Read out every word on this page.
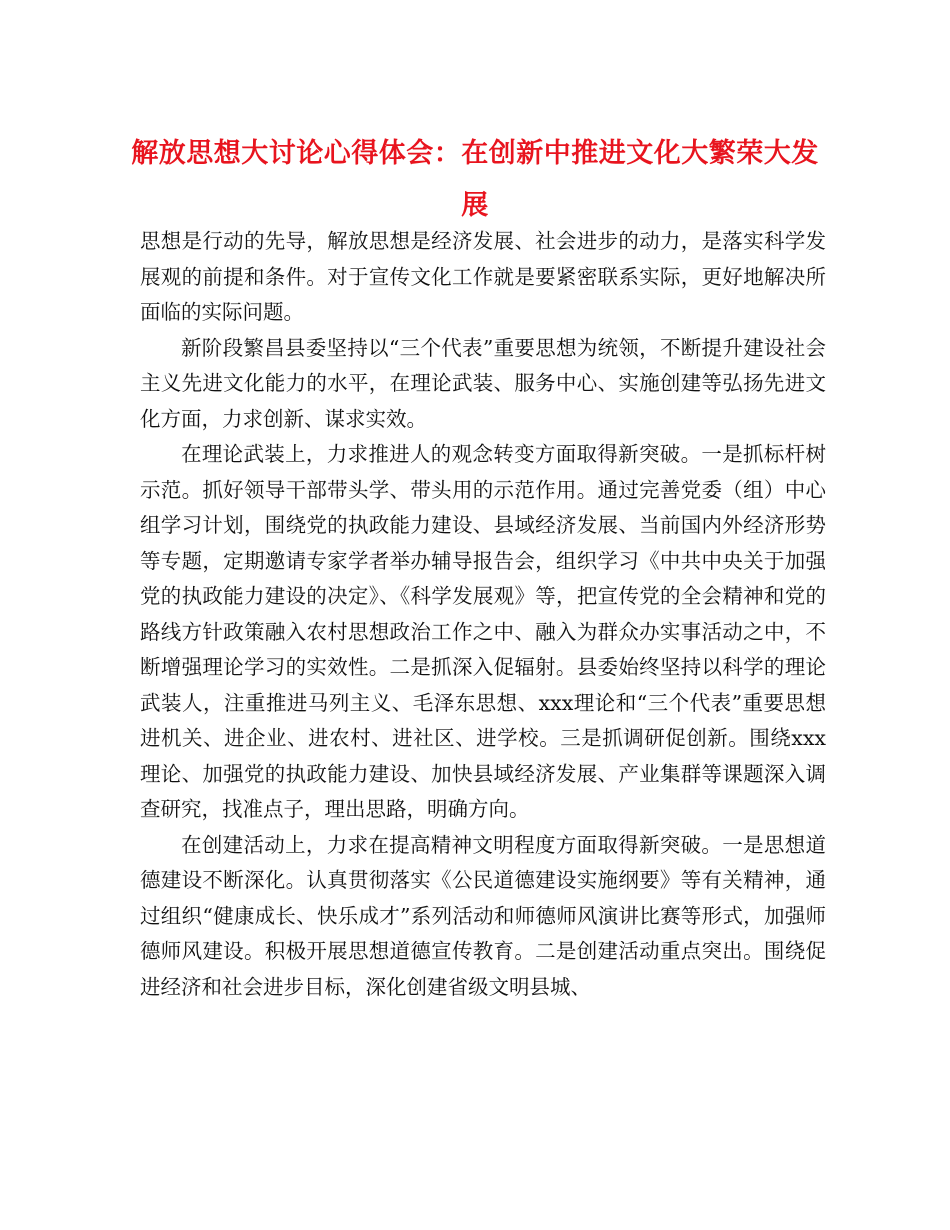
解放思想大讨论心得体会：在创新中推进文化大繁荣大发展

思想是行动的先导，解放思想是经济发展、社会进步的动力，是落实科学发展观的前提和条件。对于宣传文化工作就是要紧密联系实际，更好地解决所面临的实际问题。

新阶段繁昌县委坚持以“三个代表”重要思想为统领，不断提升建设社会主义先进文化能力的水平，在理论武装、服务中心、实施创建等弘扬先进文化方面，力求创新、谋求实效。

在理论武装上，力求推进人的观念转变方面取得新突破。一是抓标杆树示范。抓好领导干部带头学、带头用的示范作用。通过完善党委（组）中心组学习计划，围绕党的执政能力建设、县域经济发展、当前国内外经济形势等专题，定期邀请专家学者举办辅导报告会，组织学习《中共中央关于加强党的执政能力建设的决定》、《科学发展观》等，把宣传党的全会精神和党的路线方针政策融入农村思想政治工作之中、融入为群众办实事活动之中，不断增强理论学习的实效性。二是抓深入促辐射。县委始终坚持以科学的理论武装人，注重推进马列主义、毛泽东思想、xxx理论和“三个代表”重要思想进机关、进企业、进农村、进社区、进学校。三是抓调研促创新。围绕xxx理论、加强党的执政能力建设、加快县域经济发展、产业集群等课题深入调查研究，找准点子，理出思路，明确方向。

在创建活动上，力求在提高精神文明程度方面取得新突破。一是思想道德建设不断深化。认真贯彻落实《公民道德建设实施纲要》等有关精神，通过组织“健康成长、快乐成才”系列活动和师德师风演讲比赛等形式，加强师德师风建设。积极开展思想道德宣传教育。二是创建活动重点突出。围绕促进经济和社会进步目标，深化创建省级文明县城、
